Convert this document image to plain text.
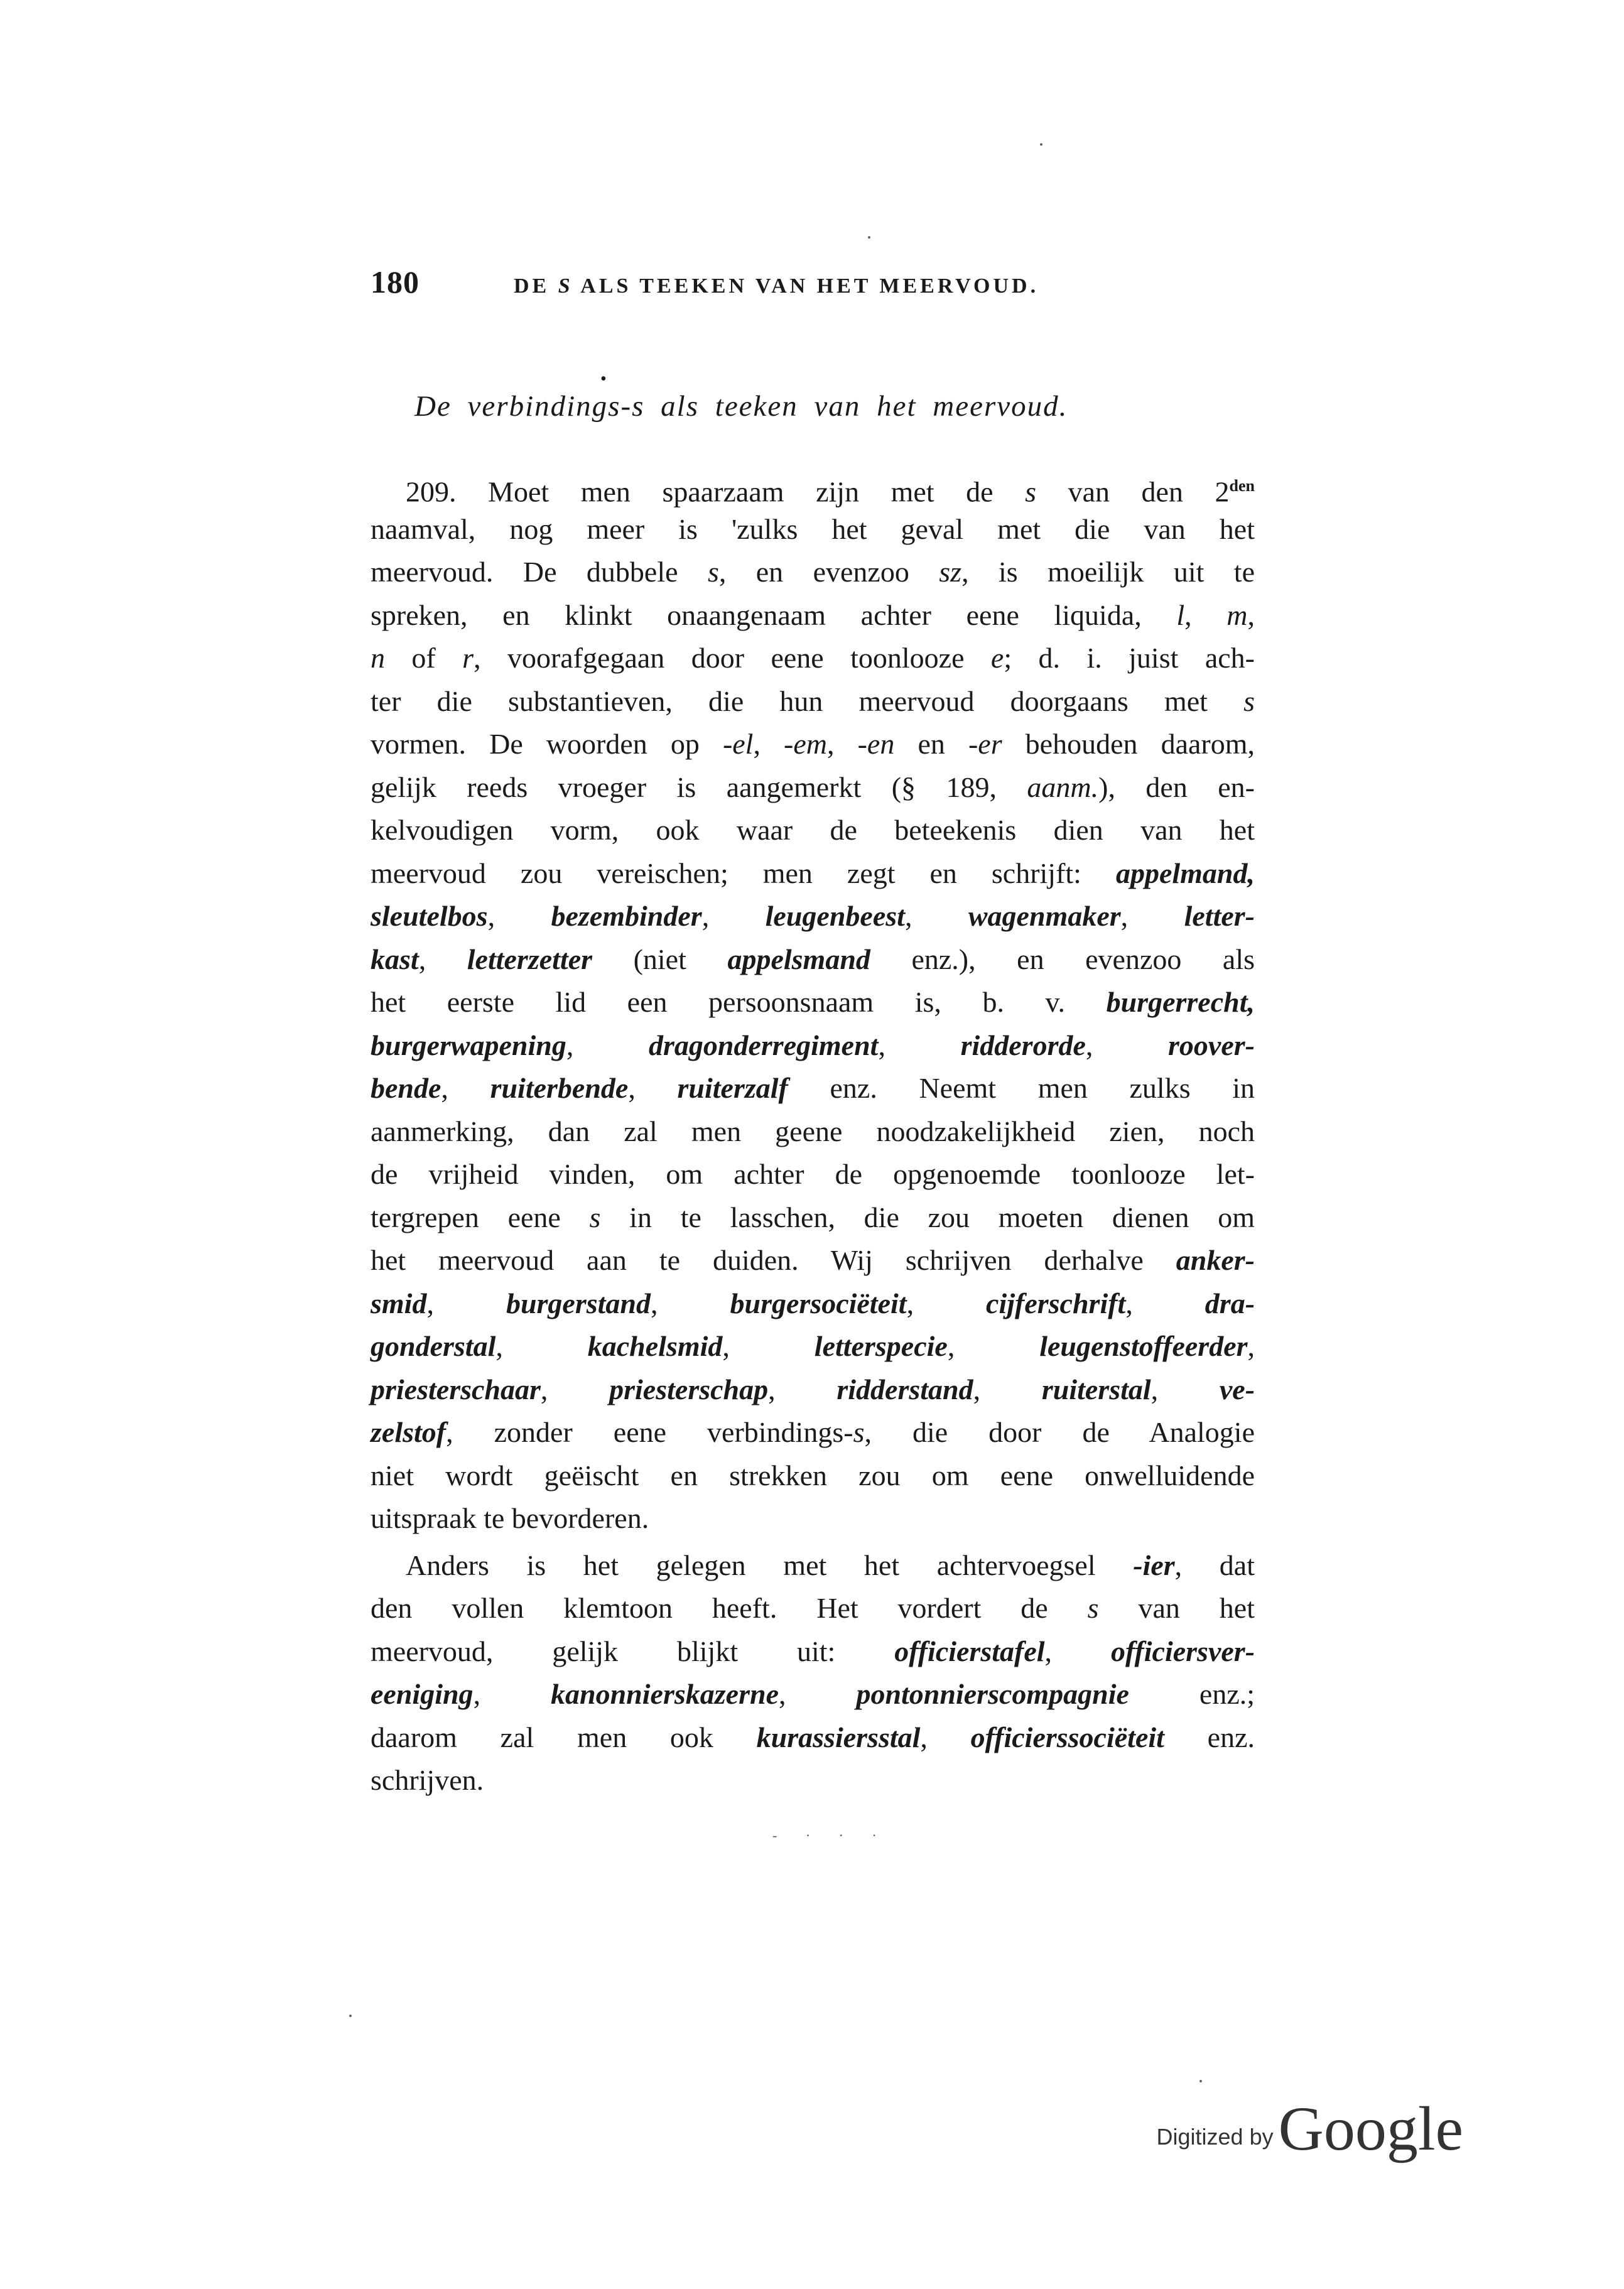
180	DE S ALS TEEKEN VAN HET MEERVOUD.
•
De verbindings-s als teeken van het meervoud.
209. Moet men spaarzaam zijn met de s van den $2^{den}$
naamval, nog meer is 'zulks het geval met die van het
meervoud. De dubbele s, en evenzoo sz, is moeilijk uit te
spreken, en klinkt onaangenaam achter eene liquida, l, m,
n of r, voorafgegaan door eene toonlooze e; d. i. juist ach-
ter die substantieven, die hun meervoud doorgaans met s
vormen. De woorden op -el, -em, -en en -er behouden daarom,
gelijk reeds vroeger is aangemerkt (§ 189, aanm.), den en-
kelvoudigen vorm, ook waar de beteekenis dien van het
meervoud zou vereischen; men zegt en schrijft: appelmand,
sleutelbos, bezembinder, leugenbeest, wagenmaker, letter-
kast, letterzetter (niet appelsmand enz.), en evenzoo als
het eerste lid een persoonsnaam is, b. v. burgerrecht,
burgerwapening, dragonderregiment, ridderorde, roover-
bende, ruiterbende, ruiterzalf enz. Neemt men zulks in
aanmerking, dan zal men geene noodzakelijkheid zien, noch
de vrijheid vinden, om achter de opgenoemde toonlooze let-
tergrepen eene s in te lasschen, die zou moeten dienen om
het meervoud aan te duiden. Wij schrijven derhalve anker-
smid, burgerstand, burgersociëteit, cijferschrift, dra-
gonderstal, kachelsmid, letterspecie, leugenstoffeerder,
priesterschaar, priesterschap, ridderstand, ruiterstal, ve-
zelstof, zonder eene verbindings-s, die door de Analogie
niet wordt geëischt en strekken zou om eene onwelluidende
uitspraak te bevorderen.
Anders is het gelegen met het achtervoegsel -ier, dat
den vollen klemtoon heeft. Het vordert de s van het
meervoud, gelijk blijkt uit: officierstafel, officiersver-
eeniging, kanonnierskazerne, pontonnierscompagnie enz.;
daarom zal men ook kurassiersstal, officierssociëteit enz.
schrijven.
- · · ·
Digitized by Google
